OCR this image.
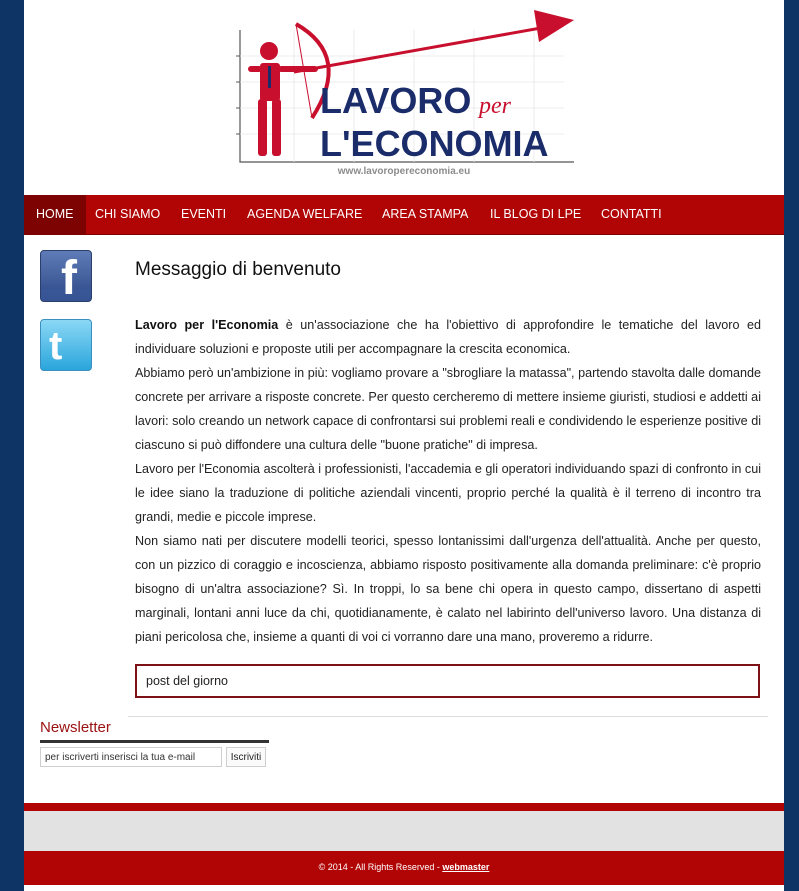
LAVORO per
L'ECONOMIA
www.lavoropereconomia.eu
HOME	CHI SIAMO EVENTI AGENDA WELFARE AREA STAMPA IL BLOG DI LPE CONTATTI
f
t
Messaggio di benvenuto

Lavoro per l'Economia è un'associazione che ha l'obiettivo di approfondire le tematiche del lavoro ed individuare soluzioni e proposte utili per accompagnare la crescita economica.

Abbiamo però un'ambizione in più: vogliamo provare a "sbrogliare la matassa", partendo stavolta dalle domande concrete per arrivare a risposte concrete. Per questo cercheremo di mettere insieme giuristi, studiosi e addetti ai lavori: solo creando un network capace di confrontarsi sui problemi reali e condividendo le esperienze positive di ciascuno si può diffondere una cultura delle "buone pratiche" di impresa.

Lavoro per l'Economia ascolterà i professionisti, l'accademia e gli operatori individuando spazi di confronto in cui le idee siano la traduzione di politiche aziendali vincenti, proprio perché la qualità è il terreno di incontro tra grandi, medie e piccole imprese.

Non siamo nati per discutere modelli teorici, spesso lontanissimi dall'urgenza dell'attualità. Anche per questo, con un pizzico di coraggio e incoscienza, abbiamo risposto positivamente alla domanda preliminare: c'è proprio bisogno di un'altra associazione? Sì. In troppi, lo sa bene chi opera in questo campo, dissertano di aspetti marginali, lontani anni luce da chi, quotidianamente, è calato nel labirinto dell'universo lavoro. Una distanza di piani pericolosa che, insieme a quanti di voi ci vorranno dare una mano, proveremo a ridurre.

post del giorno
Newsletter
per iscriverti inserisci la tua e-mail
Iscriviti
© 2014 - All Rights Reserved - webmaster
